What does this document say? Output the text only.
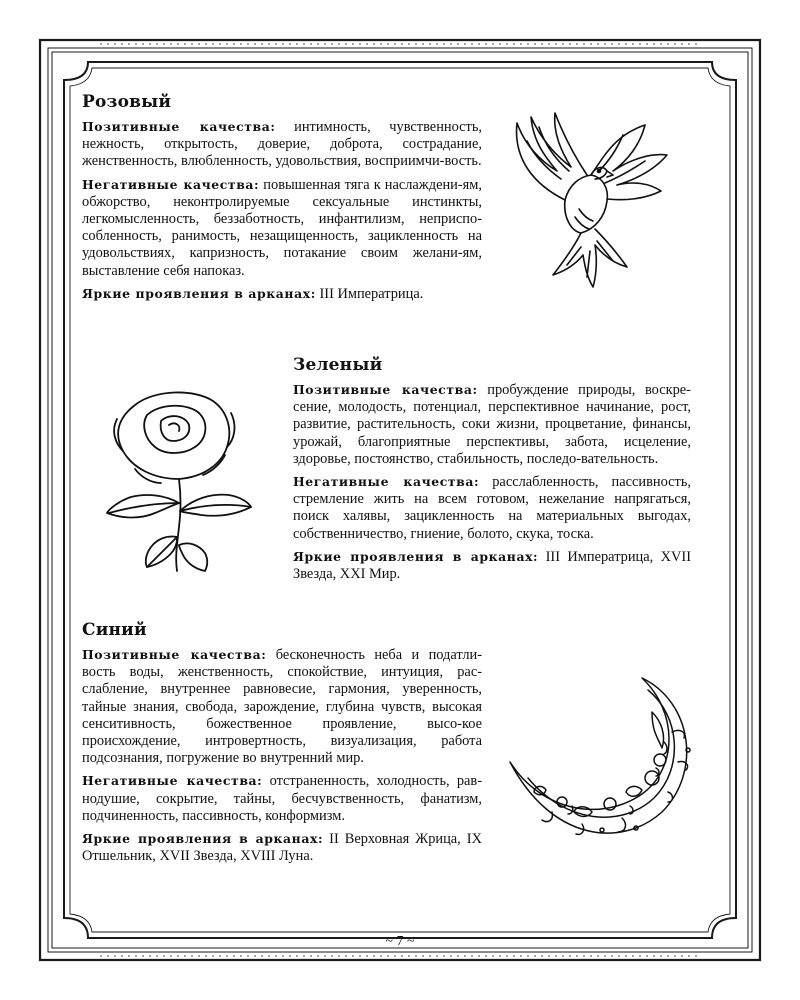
Розовый

Позитивные качества: интимность, чувственность, нежность, открытость, доверие, доброта, сострадание, женственность, влюбленность, удовольствия, восприимчи-вость.

Негативные качества: повышенная тяга к наслаждени-ям, обжорство, неконтролируемые сексуальные инстинкты, легкомысленность, беззаботность, инфантилизм, неприспо-собленность, ранимость, незащищенность, зацикленность на удовольствиях, капризность, потакание своим желани-ям, выставление себя напоказ.

Яркие проявления в арканах: III Императрица.

Зеленый

Позитивные качества: пробуждение природы, воскре-сение, молодость, потенциал, перспективное начинание, рост, развитие, растительность, соки жизни, процветание, финансы, урожай, благоприятные перспективы, забота, исцеление, здоровье, постоянство, стабильность, последо-вательность.

Негативные качества: расслабленность, пассивность, стремление жить на всем готовом, нежелание напрягаться, поиск халявы, зацикленность на материальных выгодах, собственничество, гниение, болото, скука, тоска.

Яркие проявления в арканах: III Императрица, XVII Звезда, XXI Мир.

Синий

Позитивные качества: бесконечность неба и податли-вость воды, женственность, спокойствие, интуиция, рас-слабление, внутреннее равновесие, гармония, уверенность, тайные знания, свобода, зарождение, глубина чувств, высокая сенситивность, божественное проявление, высо-кое происхождение, интровертность, визуализация, работа подсознания, погружение во внутренний мир.

Негативные качества: отстраненность, холодность, рав-нодушие, сокрытие, тайны, бесчувственность, фанатизм, подчиненность, пассивность, конформизм.

Яркие проявления в арканах: II Верховная Жрица, IX Отшельник, XVII Звезда, XVIII Луна.

~ 7 ~
